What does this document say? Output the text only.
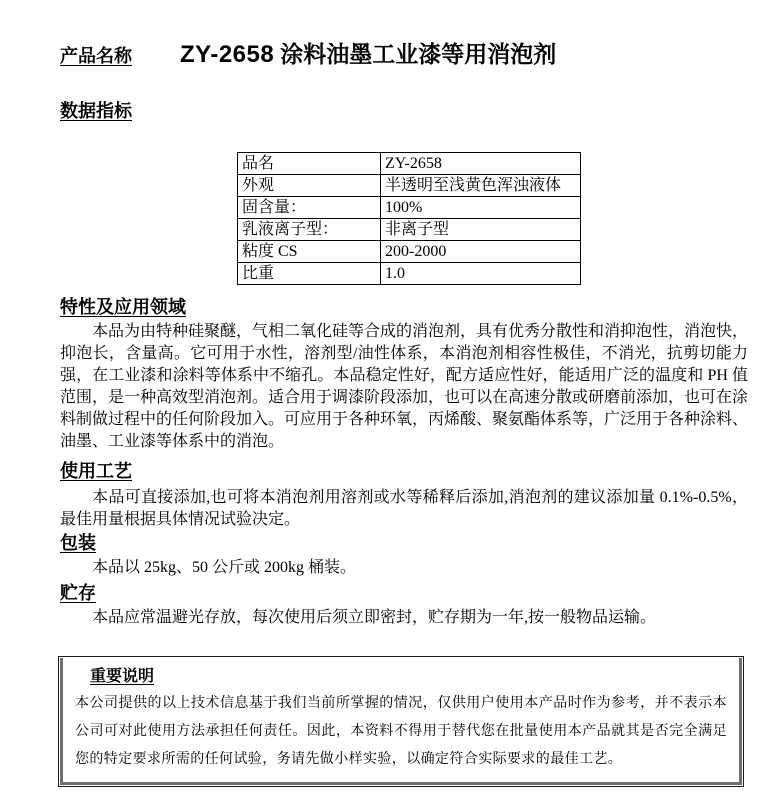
产品名称 ZY-2658 涂料油墨工业漆等用消泡剂
数据指标
品名	ZY-2658
外观	半透明至浅黄色浑浊液体
固含量：	100%
乳液离子型：	非离子型
粘度 CS	200-2000
比重	1.0
特性及应用领域

本品为由特种硅聚醚，气相二氧化硅等合成的消泡剂，具有优秀分散性和消抑泡性，消泡快，抑泡长，含量高。它可用于水性，溶剂型/油性体系，本消泡剂相容性极佳，不消光，抗剪切能力强，在工业漆和涂料等体系中不缩孔。本品稳定性好，配方适应性好，能适用广泛的温度和 PH 值范围，是一种高效型消泡剂。适合用于调漆阶段添加，也可以在高速分散或研磨前添加，也可在涂料制做过程中的任何阶段加入。可应用于各种环氧，丙烯酸、聚氨酯体系等，广泛用于各种涂料、油墨、工业漆等体系中的消泡。

使用工艺

本品可直接添加,也可将本消泡剂用溶剂或水等稀释后添加,消泡剂的建议添加量 0.1%-0.5%，最佳用量根据具体情况试验决定。

包装

本品以 25kg、50 公斤或 200kg 桶装。

贮存

本品应常温避光存放，每次使用后须立即密封，贮存期为一年,按一般物品运输。

重要说明

本公司提供的以上技术信息基于我们当前所掌握的情况，仅供用户使用本产品时作为参考，并不表示本公司可对此使用方法承担任何责任。因此，本资料不得用于替代您在批量使用本产品就其是否完全满足您的特定要求所需的任何试验，务请先做小样实验，以确定符合实际要求的最佳工艺。
